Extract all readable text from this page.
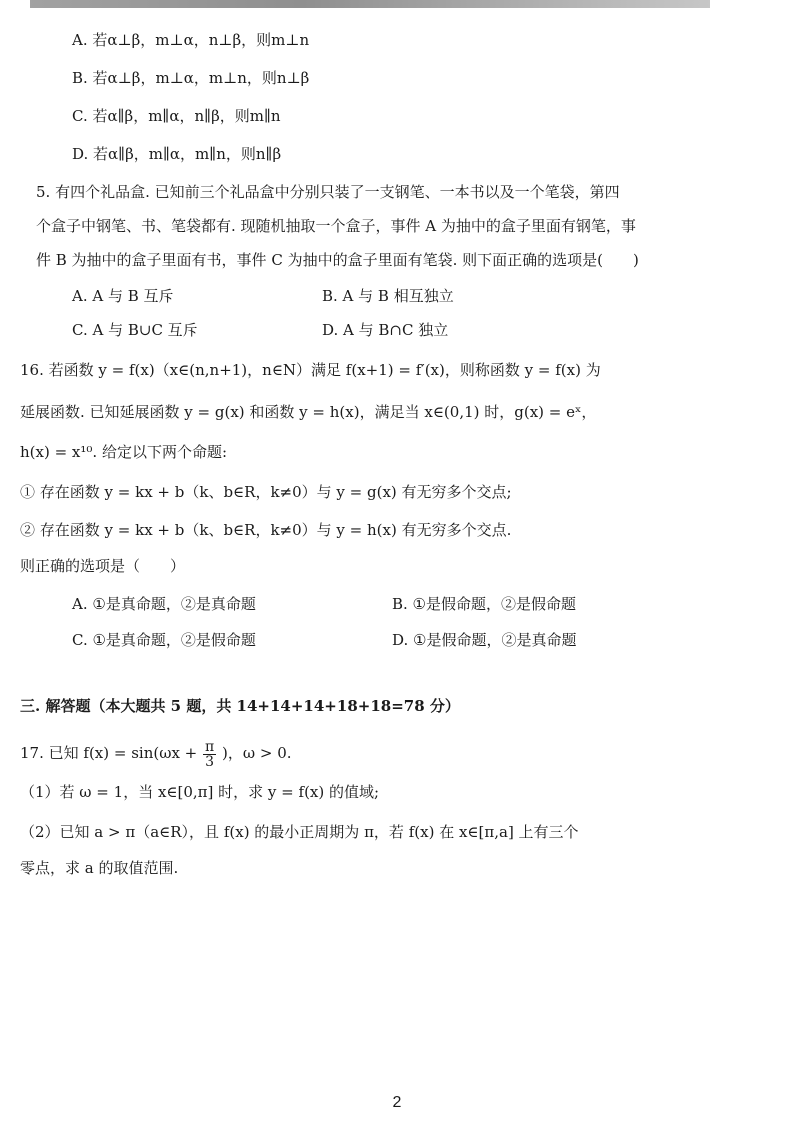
A. 若α⊥β，m⊥α，n⊥β，则m⊥n
B. 若α⊥β，m⊥α，m⊥n，则n⊥β
C. 若α∥β，m∥α，n∥β，则m∥n
D. 若α∥β，m∥α，m∥n，则n∥β
5. 有四个礼品盒. 已知前三个礼品盒中分别只装了一支钢笔、一本书以及一个笔袋，第四
个盒子中钢笔、书、笔袋都有. 现随机抽取一个盒子，事件 A 为抽中的盒子里面有钢笔，事
件 B 为抽中的盒子里面有书，事件 C 为抽中的盒子里面有笔袋. 则下面正确的选项是(　　)
A. A 与 B 互斥	B. A 与 B 相互独立
C. A 与 B∪C 互斥	D. A 与 B∩C 独立
16. 若函数 y = f(x)（x∈(n,n+1)，n∈N）满足 f(x+1) = f′(x)，则称函数 y = f(x) 为
延展函数. 已知延展函数 y = g(x) 和函数 y = h(x)，满足当 x∈(0,1) 时，g(x) = eˣ，
h(x) = x¹⁰. 给定以下两个命题:
① 存在函数 y = kx + b（k、b∈R，k≠0）与 y = g(x) 有无穷多个交点;
② 存在函数 y = kx + b（k、b∈R，k≠0）与 y = h(x) 有无穷多个交点.
则正确的选项是（　　）
A. ①是真命题，②是真命题	B. ①是假命题，②是假命题
C. ①是真命题，②是假命题	D. ①是假命题，②是真命题
三. 解答题（本大题共 5 题，共 14+14+14+18+18=78 分）
17. 已知 $f(x) = \sin(\omega x + \frac{\pi}{3}$ )，ω > 0.
（1）若 ω = 1，当 x∈[0,π] 时，求 y = f(x) 的值域;
（2）已知 a > π（a∈R），且 f(x) 的最小正周期为 π，若 f(x) 在 x∈[π,a] 上有三个
零点，求 a 的取值范围.
2
